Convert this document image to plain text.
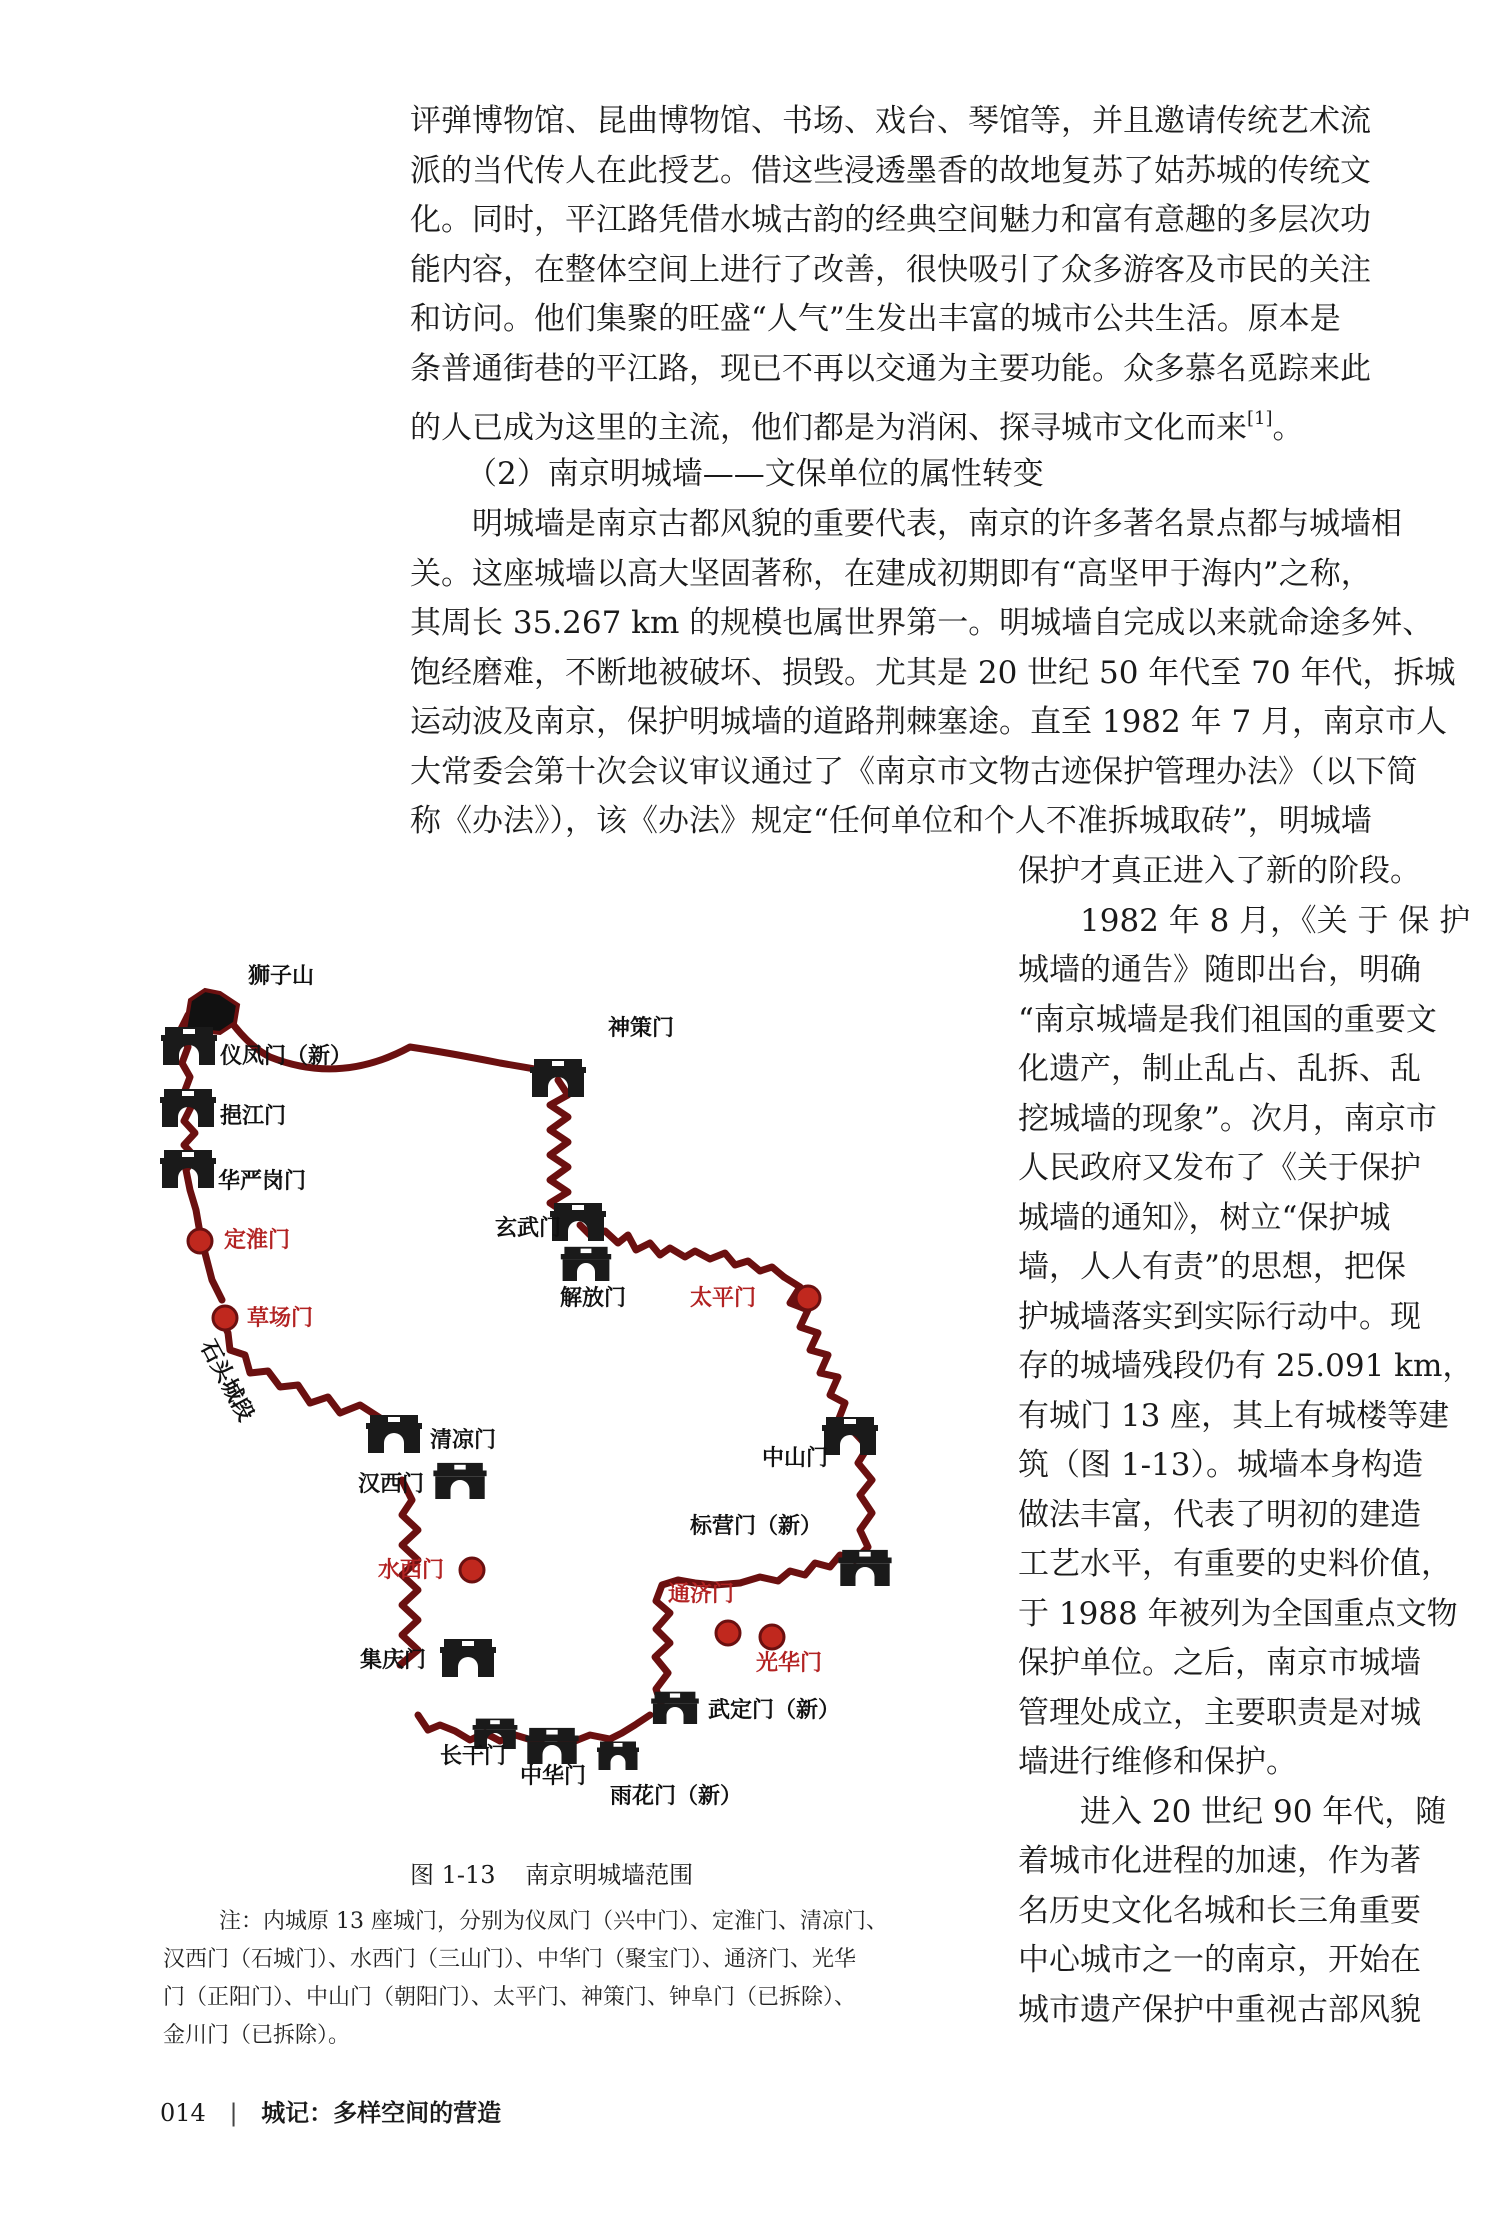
评弹博物馆、昆曲博物馆、书场、戏台、琴馆等，并且邀请传统艺术流
派的当代传人在此授艺。借这些浸透墨香的故地复苏了姑苏城的传统文
化。同时，平江路凭借水城古韵的经典空间魅力和富有意趣的多层次功
能内容，在整体空间上进行了改善，很快吸引了众多游客及市民的关注
和访问。他们集聚的旺盛“人气”生发出丰富的城市公共生活。原本是
条普通街巷的平江路，现已不再以交通为主要功能。众多慕名觅踪来此
的人已成为这里的主流，他们都是为消闲、探寻城市文化而来[1]。
（2）南京明城墙——文保单位的属性转变
明城墙是南京古都风貌的重要代表，南京的许多著名景点都与城墙相
关。这座城墙以高大坚固著称，在建成初期即有“高坚甲于海内”之称，
其周长 35.267 km 的规模也属世界第一。明城墙自完成以来就命途多舛、
饱经磨难，不断地被破坏、损毁。尤其是 20 世纪 50 年代至 70 年代，拆城
运动波及南京，保护明城墙的道路荆棘塞途。直至 1982 年 7 月，南京市人
大常委会第十次会议审议通过了《南京市文物古迹保护管理办法》（以下简
称《办法》），该《办法》规定“任何单位和个人不准拆城取砖”，明城墙
保护才真正进入了新的阶段。
1982 年 8 月，《关 于 保 护
城墙的通告》随即出台，明确
“南京城墙是我们祖国的重要文
化遗产，制止乱占、乱拆、乱
挖城墙的现象”。次月，南京市
人民政府又发布了《关于保护
城墙的通知》，树立“保护城
墙，人人有责”的思想，把保
护城墙落实到实际行动中。现
存的城墙残段仍有 25.091 km，
有城门 13 座，其上有城楼等建
筑（图 1-13）。城墙本身构造
做法丰富，代表了明初的建造
工艺水平，有重要的史料价值，
于 1988 年被列为全国重点文物
保护单位。之后，南京市城墙
管理处成立，主要职责是对城
墙进行维修和保护。
进入 20 世纪 90 年代，随
着城市化进程的加速，作为著
名历史文化名城和长三角重要
中心城市之一的南京，开始在
城市遗产保护中重视古部风貌
狮子山
神策门
仪凤门（新）
挹江门
华严岗门
定淮门	玄武门
草场门
解放门	太平门
石头城段
清凉门
中山门
汉西门
标营门（新）
水西门
通济门
光华门
集庆门
武定门（新）
长干门
中华门
雨花门（新）
图 1-13 南京明城墙范围
注：内城原 13 座城门，分别为仪凤门（兴中门）、定淮门、清凉门、
汉西门（石城门）、水西门（三山门）、中华门（聚宝门）、通济门、光华
门（正阳门）、中山门（朝阳门）、太平门、神策门、钟阜门（已拆除）、
金川门（已拆除）。
014 | 城记：多样空间的营造
